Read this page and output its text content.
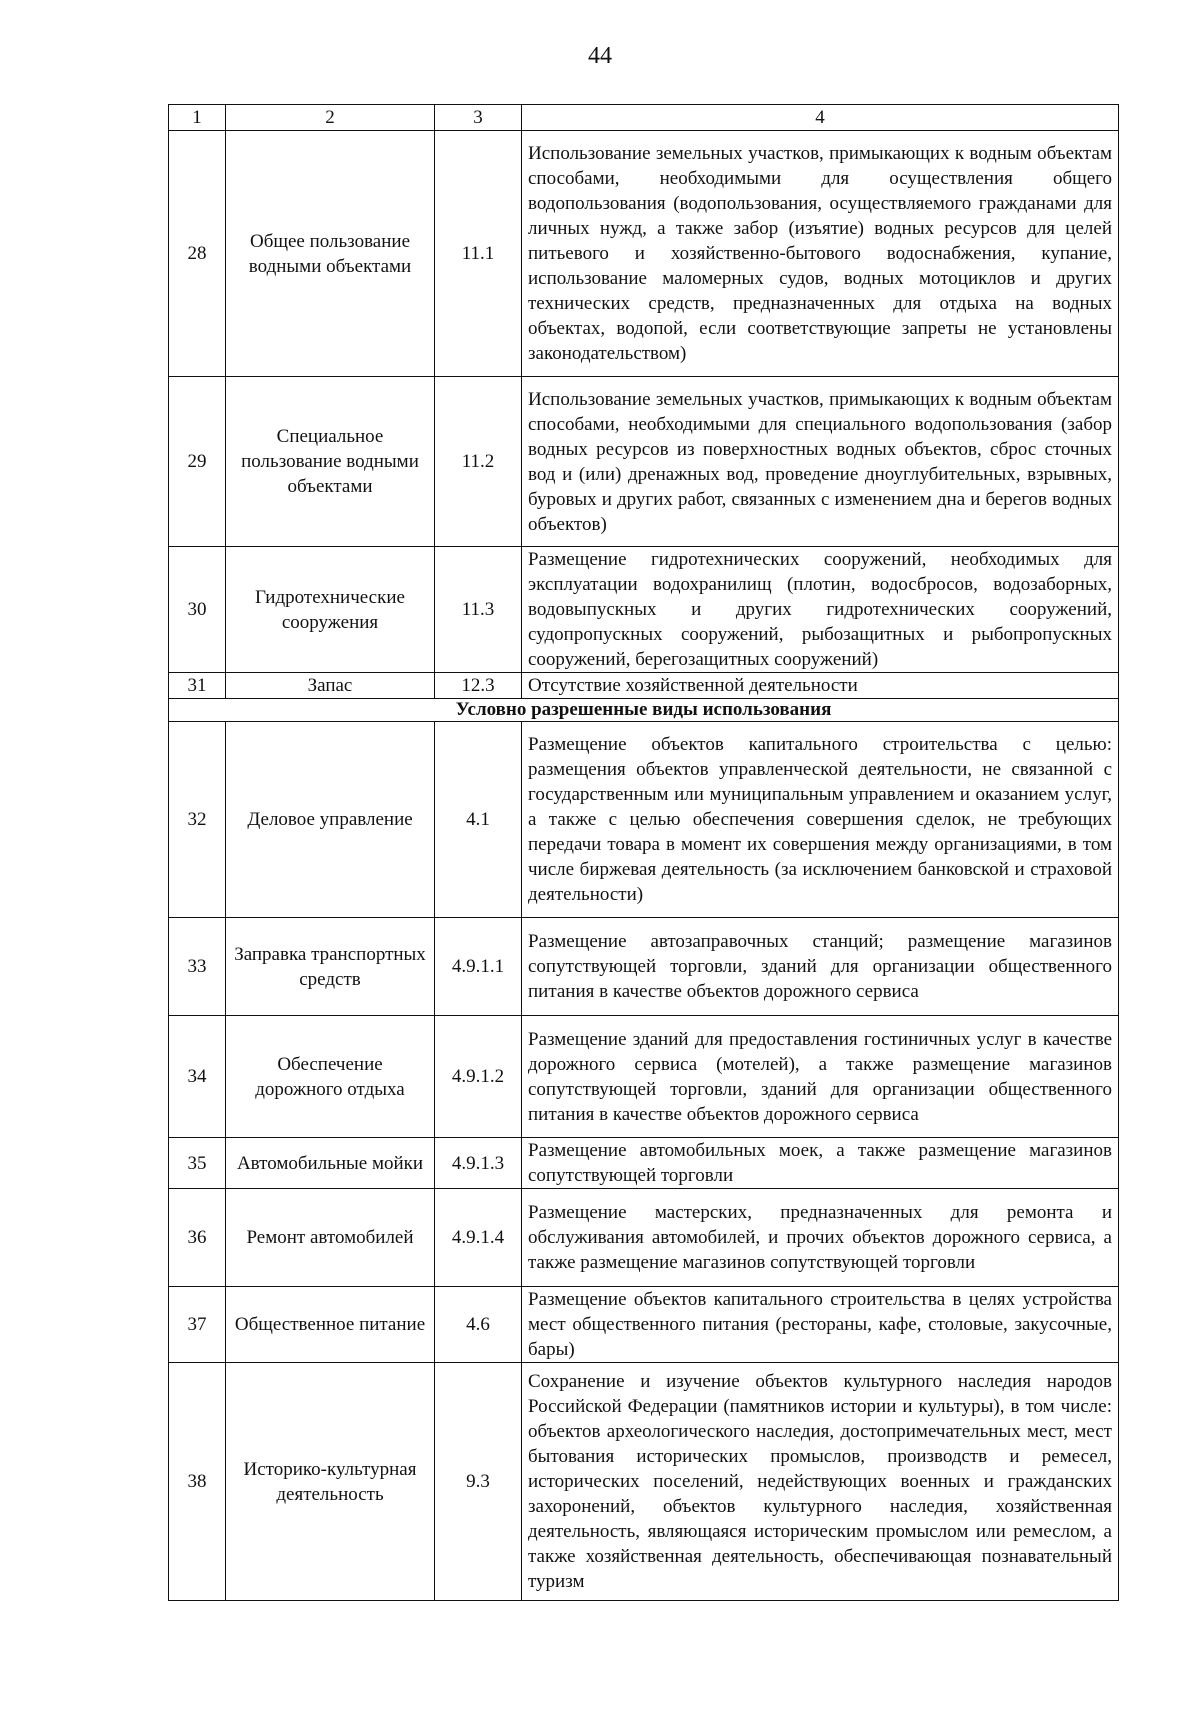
44
1	2	3	4
28	Общее пользование водными объектами	11.1	Использование земельных участков, примыкающих к водным объектам способами, необходимыми для осуществления общего водопользования (водопользования, осуществляемого гражданами для личных нужд, а также забор (изъятие) водных ресурсов для целей питьевого и хозяйственно-бытового водоснабжения, купание, использование маломерных судов, водных мотоциклов и других технических средств, предназначенных для отдыха на водных объектах, водопой, если соответствующие запреты не установлены законодательством)
29	Специальное пользование водными объектами	11.2	Использование земельных участков, примыкающих к водным объектам способами, необходимыми для специального водопользования (забор водных ресурсов из поверхностных водных объектов, сброс сточных вод и (или) дренажных вод, проведение дноуглубительных, взрывных, буровых и других работ, связанных с изменением дна и берегов водных объектов)
30	Гидротехнические сооружения	11.3	Размещение гидротехнических сооружений, необходимых для эксплуатации водохранилищ (плотин, водосбросов, водозаборных, водовыпускных и других гидротехнических сооружений, судопропускных сооружений, рыбозащитных и рыбопропускных сооружений, берегозащитных сооружений)
31	Запас	12.3	Отсутствие хозяйственной деятельности
Условно разрешенные виды использования			
32	Деловое управление	4.1	Размещение объектов капитального строительства с целью: размещения объектов управленческой деятельности, не связанной с государственным или муниципальным управлением и оказанием услуг, а также с целью обеспечения совершения сделок, не требующих передачи товара в момент их совершения между организациями, в том числе биржевая деятельность (за исключением банковской и страховой деятельности)
33	Заправка транспортных средств	4.9.1.1	Размещение автозаправочных станций; размещение магазинов сопутствующей торговли, зданий для организации общественного питания в качестве объектов дорожного сервиса
34	Обеспечение дорожного отдыха	4.9.1.2	Размещение зданий для предоставления гостиничных услуг в качестве дорожного сервиса (мотелей), а также размещение магазинов сопутствующей торговли, зданий для организации общественного питания в качестве объектов дорожного сервиса
35	Автомобильные мойки	4.9.1.3	Размещение автомобильных моек, а также размещение магазинов сопутствующей торговли
36	Ремонт автомобилей	4.9.1.4	Размещение мастерских, предназначенных для ремонта и обслуживания автомобилей, и прочих объектов дорожного сервиса, а также размещение магазинов сопутствующей торговли
37	Общественное питание	4.6	Размещение объектов капитального строительства в целях устройства мест общественного питания (рестораны, кафе, столовые, закусочные, бары)
38	Историко-культурная деятельность	9.3	Сохранение и изучение объектов культурного наследия народов Российской Федерации (памятников истории и культуры), в том числе: объектов археологического наследия, достопримечательных мест, мест бытования исторических промыслов, производств и ремесел, исторических поселений, недействующих военных и гражданских захоронений, объектов культурного наследия, хозяйственная деятельность, являющаяся историческим промыслом или ремеслом, а также хозяйственная деятельность, обеспечивающая познавательный туризм
